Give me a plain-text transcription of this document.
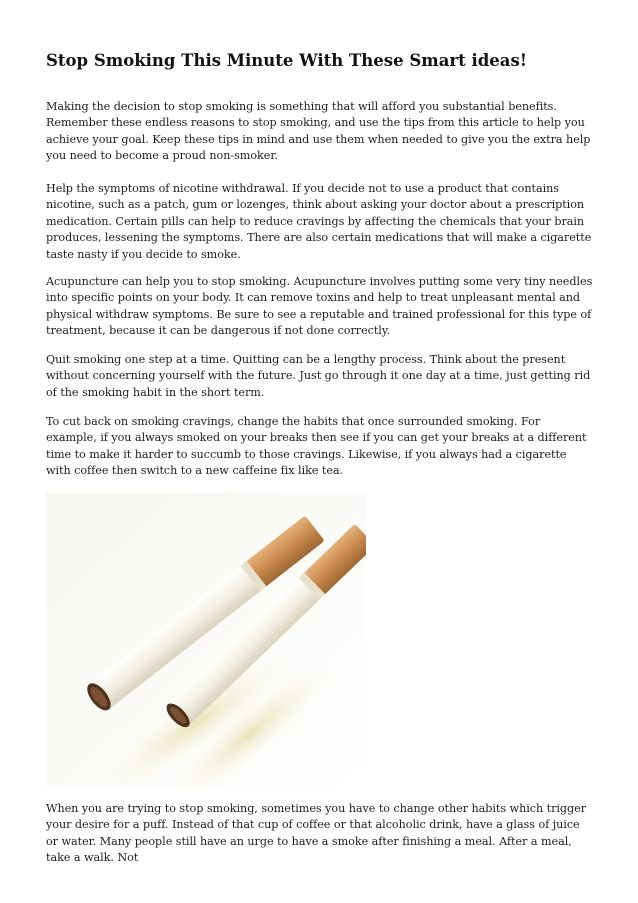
Stop Smoking This Minute With These Smart ideas!

Making the decision to stop smoking is something that will afford you substantial benefits. Remember these endless reasons to stop smoking, and use the tips from this article to help you achieve your goal. Keep these tips in mind and use them when needed to give you the extra help you need to become a proud non-smoker.

Help the symptoms of nicotine withdrawal. If you decide not to use a product that contains nicotine, such as a patch, gum or lozenges, think about asking your doctor about a prescription medication. Certain pills can help to reduce cravings by affecting the chemicals that your brain produces, lessening the symptoms. There are also certain medications that will make a cigarette taste nasty if you decide to smoke.

Acupuncture can help you to stop smoking. Acupuncture involves putting some very tiny needles into specific points on your body. It can remove toxins and help to treat unpleasant mental and physical withdraw symptoms. Be sure to see a reputable and trained professional for this type of treatment, because it can be dangerous if not done correctly.

Quit smoking one step at a time. Quitting can be a lengthy process. Think about the present without concerning yourself with the future. Just go through it one day at a time, just getting rid of the smoking habit in the short term.

To cut back on smoking cravings, change the habits that once surrounded smoking. For example, if you always smoked on your breaks then see if you can get your breaks at a different time to make it harder to succumb to those cravings. Likewise, if you always had a cigarette with coffee then switch to a new caffeine fix like tea.

When you are trying to stop smoking, sometimes you have to change other habits which trigger your desire for a puff. Instead of that cup of coffee or that alcoholic drink, have a glass of juice or water. Many people still have an urge to have a smoke after finishing a meal. After a meal, take a walk. Not
